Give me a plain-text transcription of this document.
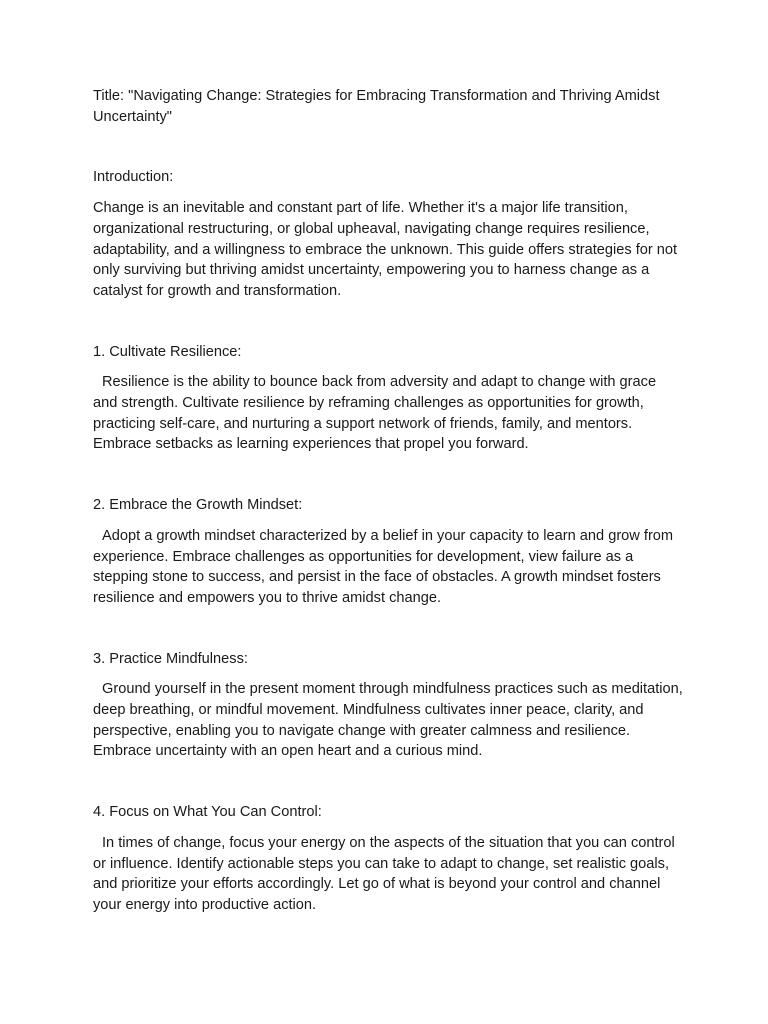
Title: "Navigating Change: Strategies for Embracing Transformation and Thriving Amidst Uncertainty"

Introduction:

Change is an inevitable and constant part of life. Whether it's a major life transition, organizational restructuring, or global upheaval, navigating change requires resilience, adaptability, and a willingness to embrace the unknown. This guide offers strategies for not only surviving but thriving amidst uncertainty, empowering you to harness change as a catalyst for growth and transformation.

1. Cultivate Resilience:

Resilience is the ability to bounce back from adversity and adapt to change with grace and strength. Cultivate resilience by reframing challenges as opportunities for growth, practicing self-care, and nurturing a support network of friends, family, and mentors. Embrace setbacks as learning experiences that propel you forward.

2. Embrace the Growth Mindset:

Adopt a growth mindset characterized by a belief in your capacity to learn and grow from experience. Embrace challenges as opportunities for development, view failure as a stepping stone to success, and persist in the face of obstacles. A growth mindset fosters resilience and empowers you to thrive amidst change.

3. Practice Mindfulness:

Ground yourself in the present moment through mindfulness practices such as meditation, deep breathing, or mindful movement. Mindfulness cultivates inner peace, clarity, and perspective, enabling you to navigate change with greater calmness and resilience. Embrace uncertainty with an open heart and a curious mind.

4. Focus on What You Can Control:

In times of change, focus your energy on the aspects of the situation that you can control or influence. Identify actionable steps you can take to adapt to change, set realistic goals, and prioritize your efforts accordingly. Let go of what is beyond your control and channel your energy into productive action.
